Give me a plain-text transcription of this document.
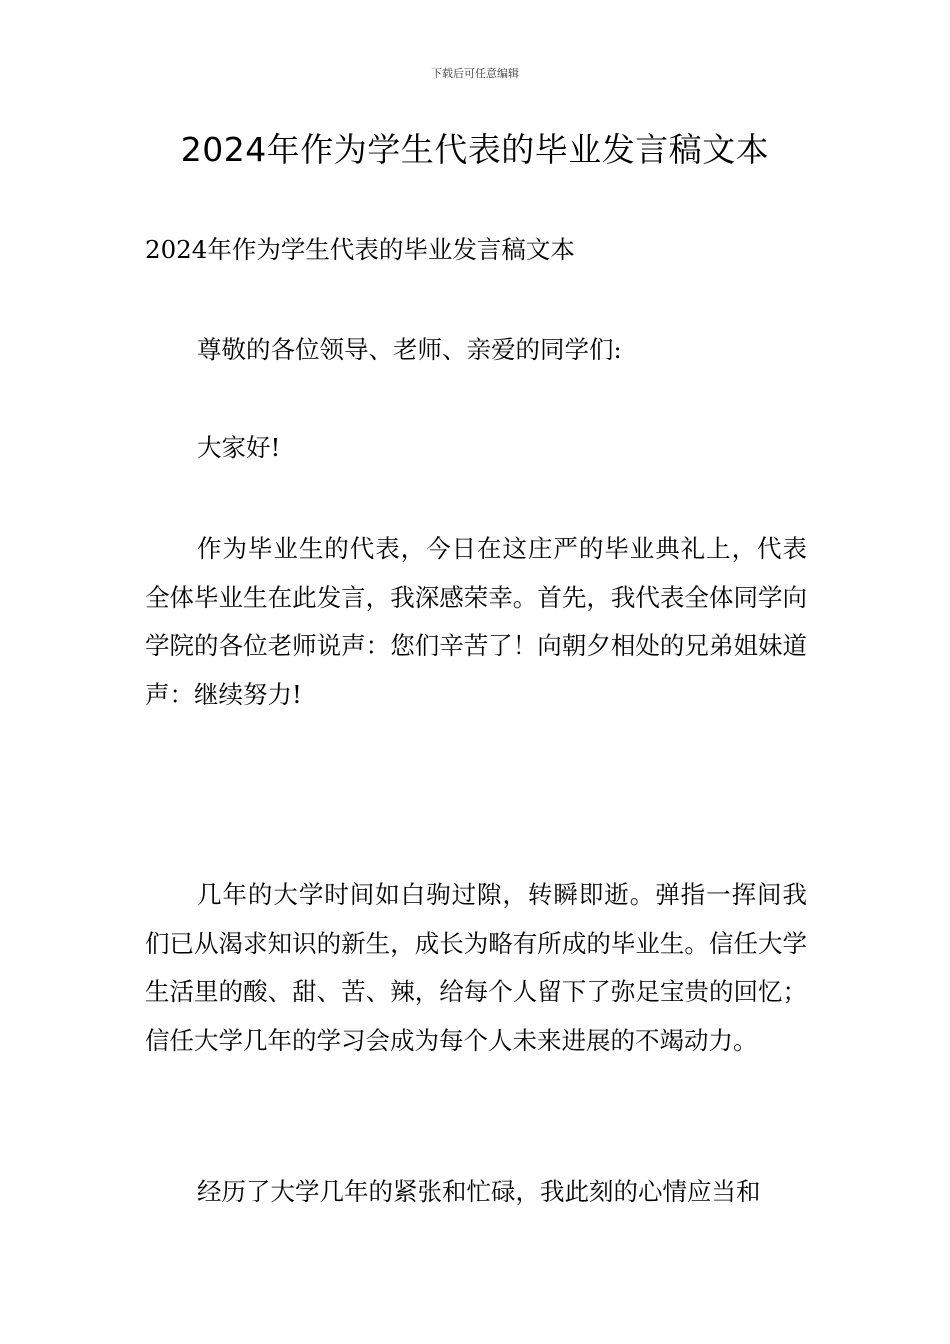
下载后可任意编辑
2024年作为学生代表的毕业发言稿文本

2024年作为学生代表的毕业发言稿文本

尊敬的各位领导、老师、亲爱的同学们:

大家好!

作为毕业生的代表，今日在这庄严的毕业典礼上，代表全体毕业生在此发言，我深感荣幸。首先，我代表全体同学向学院的各位老师说声：您们辛苦了！向朝夕相处的兄弟姐妹道声：继续努力!

几年的大学时间如白驹过隙，转瞬即逝。弹指一挥间我们已从渴求知识的新生，成长为略有所成的毕业生。信任大学生活里的酸、甜、苦、辣，给每个人留下了弥足宝贵的回忆；信任大学几年的学习会成为每个人未来进展的不竭动力。

经历了大学几年的紧张和忙碌，我此刻的心情应当和
